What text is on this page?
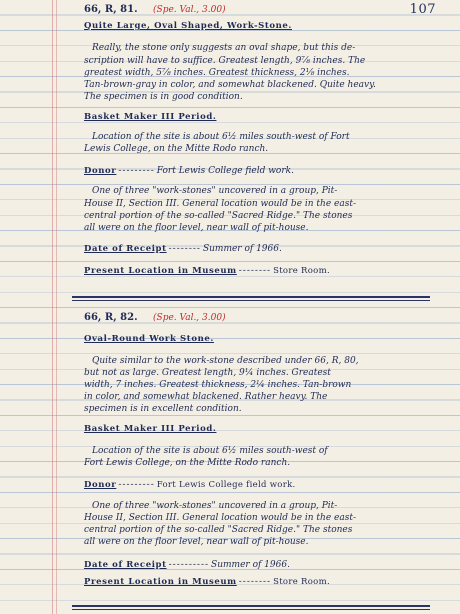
107
66, R, 81. (Spe. Val., 3.00)
Quite Large, Oval Shaped, Work-Stone.
Really, the stone only suggests an oval shape, but this de-
scription will have to suffice. Greatest length, 9⅞ inches. The
greatest width, 5⅞ inches. Greatest thickness, 2⅛ inches.
Tan-brown-gray in color, and somewhat blackened. Quite heavy.
The specimen is in good condition.
Basket Maker III Period.
Location of the site is about 6½ miles south-west of Fort
Lewis College, on the Mitte Rodo ranch.
Donor --------- Fort Lewis College field work.
One of three "work-stones" uncovered in a group, Pit-
House II, Section III. General location would be in the east-
central portion of the so-called "Sacred Ridge." The stones
all were on the floor level, near wall of pit-house.
Date of Receipt -------- Summer of 1966.
Present Location in Museum -------- Store Room.
66, R, 82. (Spe. Val., 3.00)
Oval-Round Work Stone.
Quite similar to the work-stone described under 66, R, 80,
but not as large. Greatest length, 9¼ inches. Greatest
width, 7 inches. Greatest thickness, 2¼ inches. Tan-brown
in color, and somewhat blackened. Rather heavy. The
specimen is in excellent condition.
Basket Maker III Period.
Location of the site is about 6½ miles south-west of
Fort Lewis College, on the Mitte Rodo ranch.
Donor --------- Fort Lewis College field work.
One of three "work-stones" uncovered in a group, Pit-
House II, Section III. General location would be in the east-
central portion of the so-called "Sacred Ridge." The stones
all were on the floor level, near wall of pit-house.
Date of Receipt ---------- Summer of 1966.
Present Location in Museum -------- Store Room.
